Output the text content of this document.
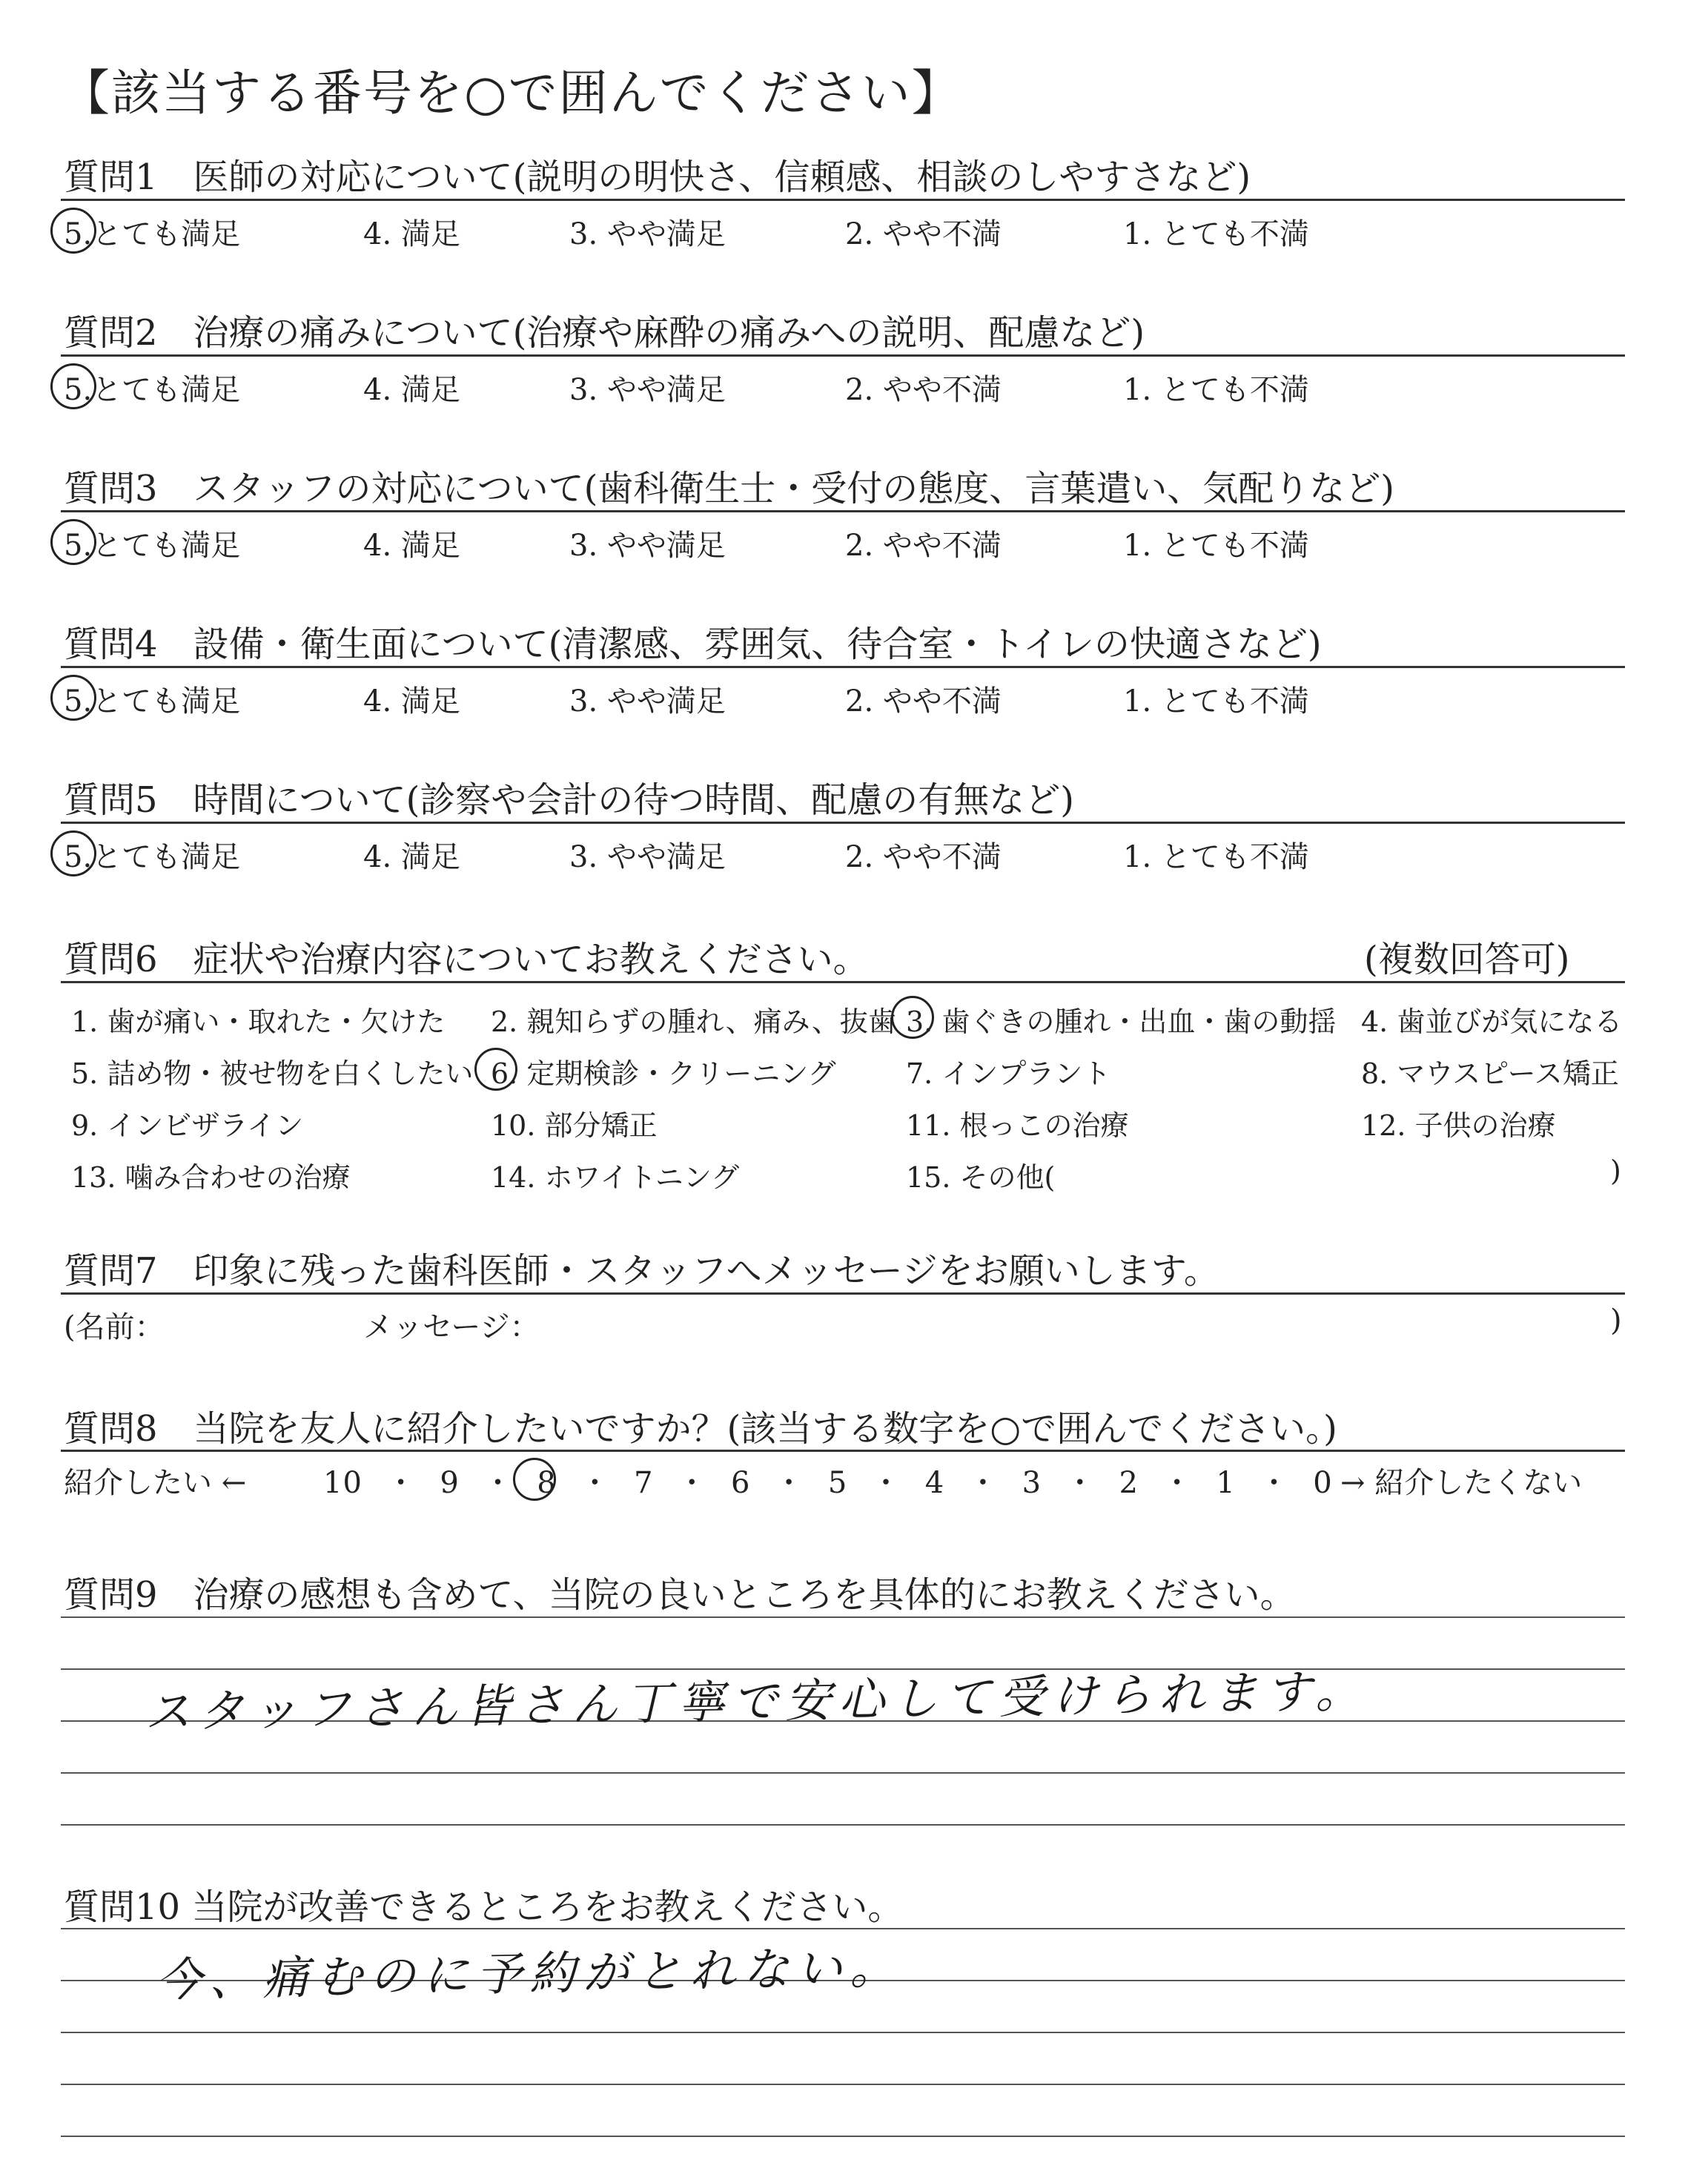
【該当する番号を○で囲んでください】
質問1　医師の対応について(説明の明快さ、信頼感、相談のしやすさなど)
5.とても満足	4. 満足	3. やや満足	2. やや不満	1. とても不満
質問2　治療の痛みについて(治療や麻酔の痛みへの説明、配慮など)
5.とても満足	4. 満足	3. やや満足	2. やや不満	1. とても不満
質問3　スタッフの対応について(歯科衛生士・受付の態度、言葉遣い、気配りなど)
5.とても満足	4. 満足	3. やや満足	2. やや不満	1. とても不満
質問4　設備・衛生面について(清潔感、雰囲気、待合室・トイレの快適さなど)
5.とても満足	4. 満足	3. やや満足	2. やや不満	1. とても不満
質問5　時間について(診察や会計の待つ時間、配慮の有無など)
5.とても満足	4. 満足	3. やや満足	2. やや不満	1. とても不満
質問6　症状や治療内容についてお教えください。	(複数回答可)
1. 歯が痛い・取れた・欠けた 2. 親知らずの腫れ、痛み、抜歯 3. 歯ぐきの腫れ・出血・歯の動揺 4. 歯並びが気になる
5. 詰め物・被せ物を白くしたい 6. 定期検診・クリーニング 7. インプラント	8. マウスピース矯正
9. インビザライン	10. 部分矯正	11. 根っこの治療	12. 子供の治療
13. 噛み合わせの治療	14. ホワイトニング	15. その他(	)
質問7　印象に残った歯科医師・スタッフへメッセージをお願いします。
(名前：	メッセージ：	)
質問8　当院を友人に紹介したいですか？(該当する数字を○で囲んでください。)
紹介したい ←	10 ・ 9 ・ 8 ・ 7 ・ 6 ・ 5 ・ 4 ・ 3 ・ 2 ・ 1 ・ 0 → 紹介したくない
質問9　治療の感想も含めて、当院の良いところを具体的にお教えください。
スタッフさん皆さん丁寧で安心して受けられます。
質問10 当院が改善できるところをお教えください。
今、痛むのに予約がとれない。
